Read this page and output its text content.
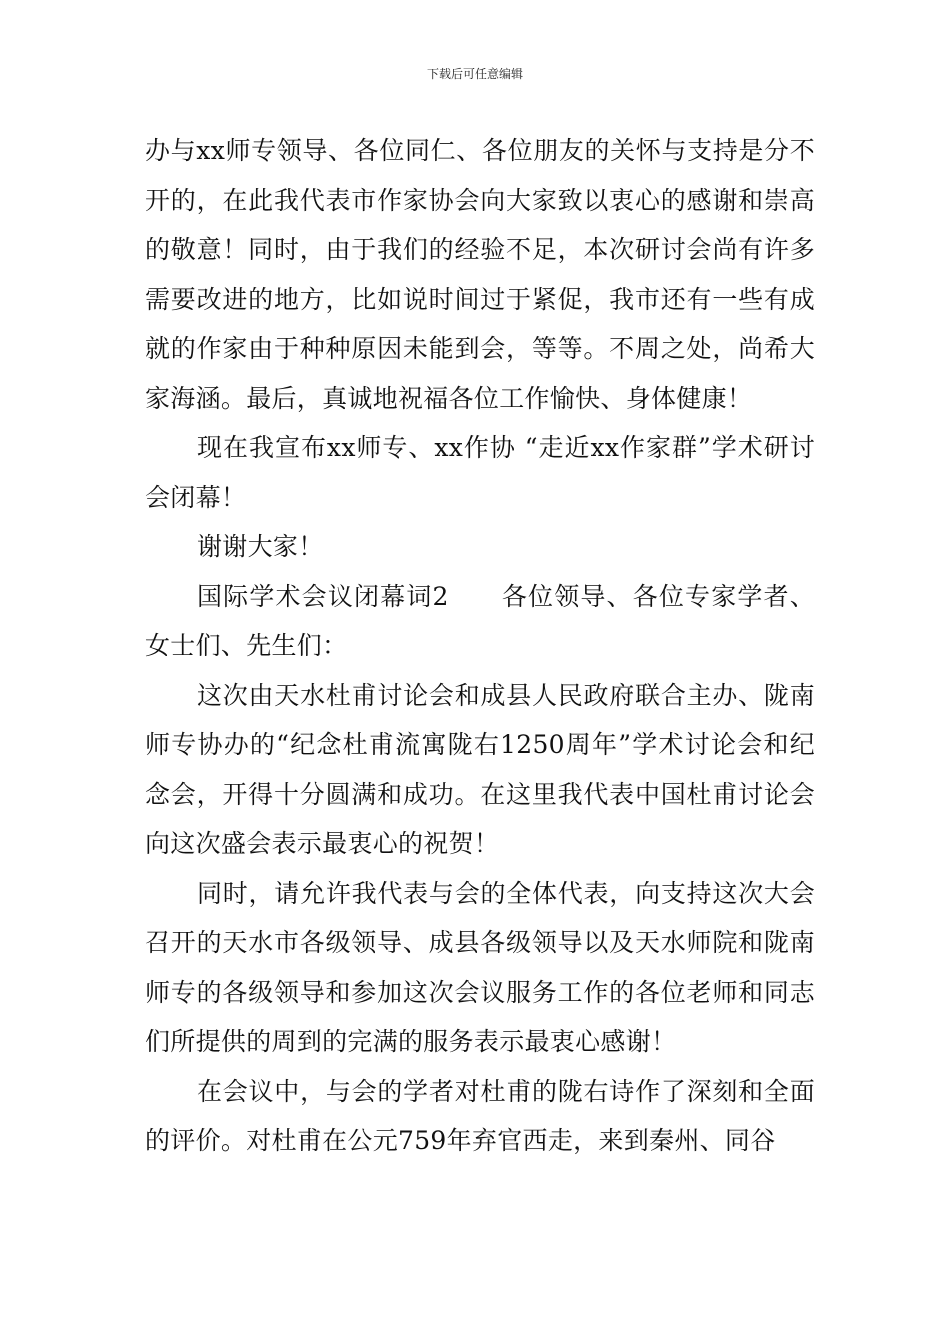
下载后可任意编辑

办与xx师专领导、各位同仁、各位朋友的关怀与支持是分不开的，在此我代表市作家协会向大家致以衷心的感谢和崇高的敬意！同时，由于我们的经验不足，本次研讨会尚有许多需要改进的地方，比如说时间过于紧促，我市还有一些有成就的作家由于种种原因未能到会，等等。不周之处，尚希大家海涵。最后，真诚地祝福各位工作愉快、身体健康！

现在我宣布xx师专、xx作协 “走近xx作家群”学术研讨会闭幕！

谢谢大家！

国际学术会议闭幕词2　　各位领导、各位专家学者、女士们、先生们：

这次由天水杜甫讨论会和成县人民政府联合主办、陇南师专协办的“纪念杜甫流寓陇右1250周年”学术讨论会和纪念会，开得十分圆满和成功。在这里我代表中国杜甫讨论会向这次盛会表示最衷心的祝贺！

同时，请允许我代表与会的全体代表，向支持这次大会召开的天水市各级领导、成县各级领导以及天水师院和陇南师专的各级领导和参加这次会议服务工作的各位老师和同志们所提供的周到的完满的服务表示最衷心感谢！

在会议中，与会的学者对杜甫的陇右诗作了深刻和全面的评价。对杜甫在公元759年弃官西走，来到秦州、同谷
